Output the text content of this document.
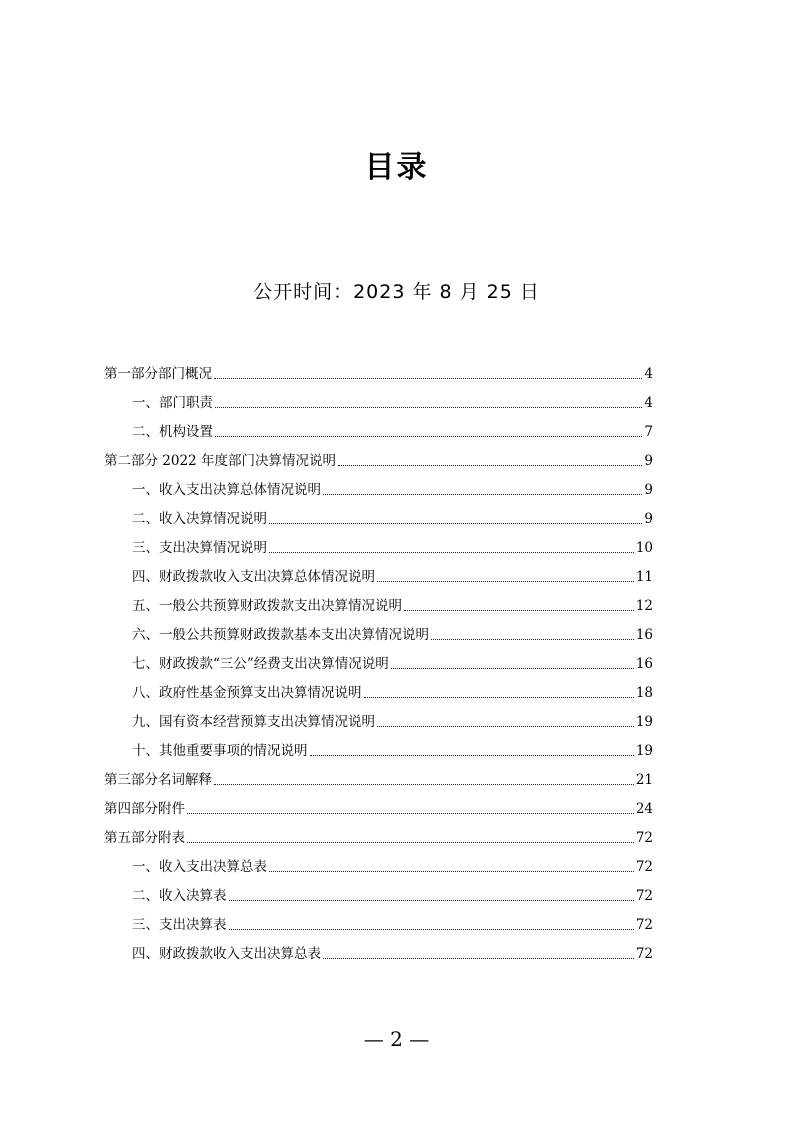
目录
公开时间：2023 年 8 月 25 日
第一部分部门概况	4
一、部门职责	4
二、机构设置	7
第二部分 2022 年度部门决算情况说明	9
一、收入支出决算总体情况说明	9
二、收入决算情况说明	9
三、支出决算情况说明	10
四、财政拨款收入支出决算总体情况说明	11
五、一般公共预算财政拨款支出决算情况说明	12
六、一般公共预算财政拨款基本支出决算情况说明	16
七、财政拨款“三公”经费支出决算情况说明	16
八、政府性基金预算支出决算情况说明	18
九、国有资本经营预算支出决算情况说明	19
十、其他重要事项的情况说明	19
第三部分名词解释	21
第四部分附件	24
第五部分附表	72
一、收入支出决算总表	72
二、收入决算表	72
三、支出决算表	72
四、财政拨款收入支出决算总表	72
— 2 —
